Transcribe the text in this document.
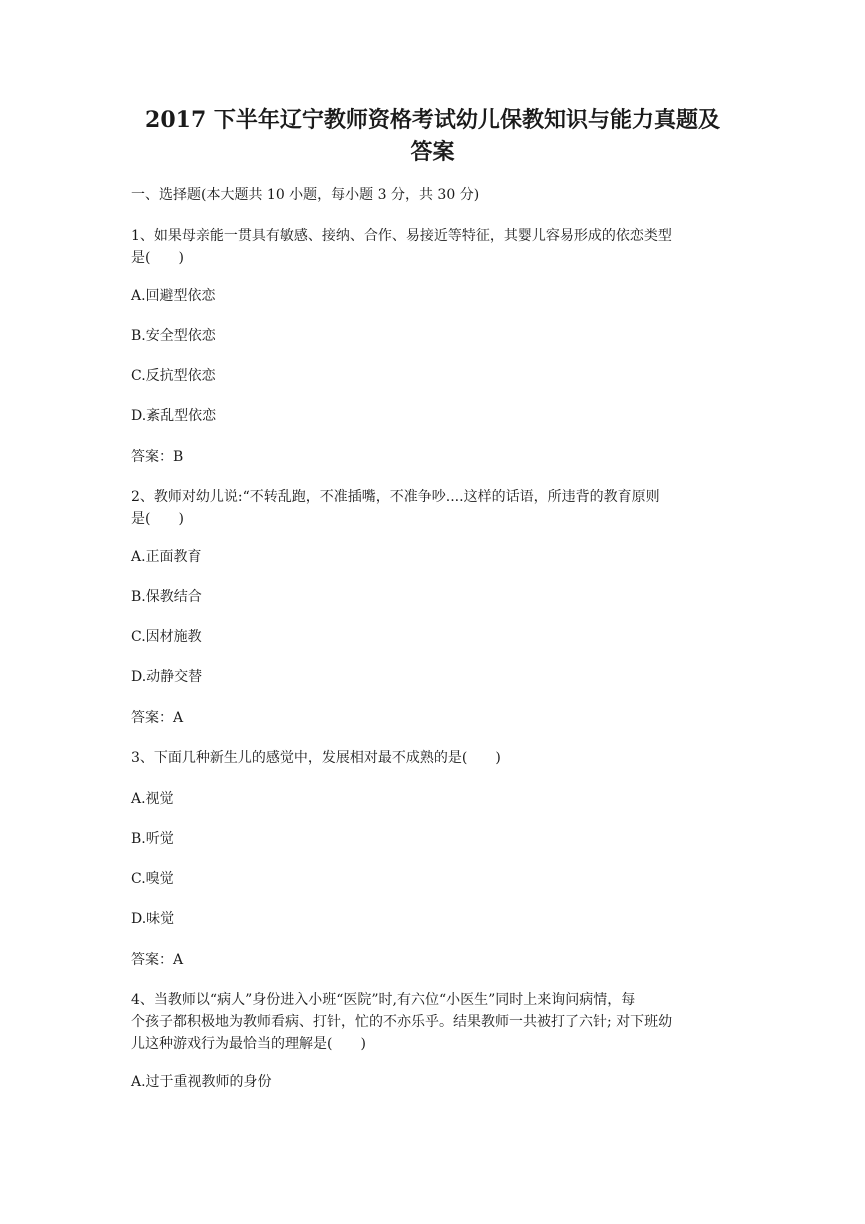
2017 下半年辽宁教师资格考试幼儿保教知识与能力真题及
答案
一、选择题(本大题共 10 小题，每小题 3 分，共 30 分)
1、如果母亲能一贯具有敏感、接纳、合作、易接近等特征，其婴儿容易形成的依恋类型
是(　　)
A.回避型依恋
B.安全型依恋
C.反抗型依恋
D.紊乱型依恋
答案：B
2、教师对幼儿说:“不转乱跑，不准插嘴，不准争吵....这样的话语，所违背的教育原则
是(　　)
A.正面教育
B.保教结合
C.因材施教
D.动静交替
答案：A
3、下面几种新生儿的感觉中，发展相对最不成熟的是(　　)
A.视觉
B.听觉
C.嗅觉
D.味觉
答案：A
4、当教师以“病人”身份进入小班“医院”时,有六位“小医生”同时上来询问病情，每
个孩子都积极地为教师看病、打针，忙的不亦乐乎。结果教师一共被打了六针; 对下班幼
儿这种游戏行为最恰当的理解是(　　)
A.过于重视教师的身份
